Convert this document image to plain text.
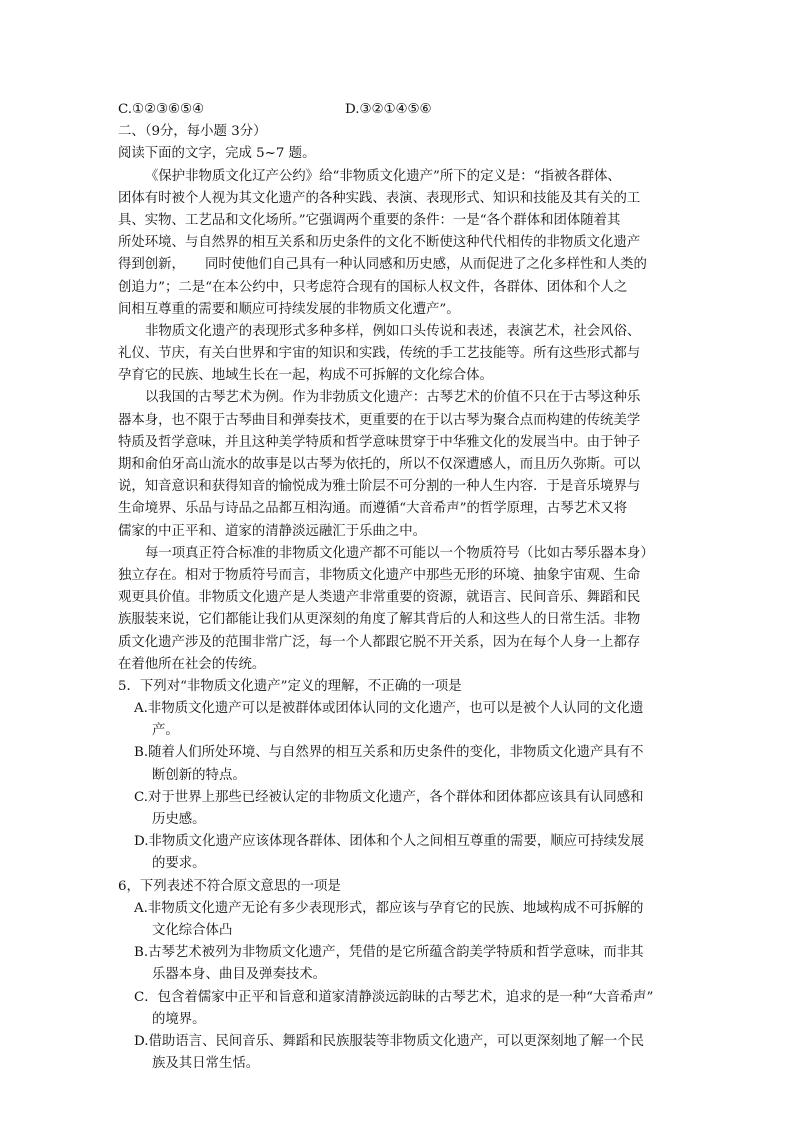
C.①②③⑥⑤④	D.③②①④⑤⑥
二、（9分，每小题 3分）
阅读下面的文字，完成 5~7 题。
《保护非物质文化辽产公约》给“非物质文化遗产”所下的定义是：“指被各群体、
团体有时被个人视为其文化遗产的各种实践、表演、表现形式、知识和技能及其有关的工
具、实物、工艺品和文化场所。”它强调两个重要的条件：一是“各个群体和团体随着其
所处环境、与自然界的相互关系和历史条件的文化不断使这种代代相传的非物质文化遗产
得到创新，　　同时使他们自己具有一种认同感和历史感，从而促进了之化多样性和人类的
创追力”；二是“在本公约中，只考虑符合现有的国标人权文件，各群体、团体和个人之
间相互尊重的需要和顺应可持续发展的非物质文化遭产”。
非物质文化遗产的表现形式多种多样，例如口头传说和表述，表演艺术，社会风俗、
礼仪、节庆，有关白世界和宇宙的知识和实践，传统的手工艺技能等。所有这些形式都与
孕育它的民族、地域生长在一起，构成不可拆解的文化综合体。
以我国的古琴艺术为例。作为非勃质文化遗产：古琴艺术的价值不只在于古琴这种乐
器本身，也不限于古琴曲目和弹奏技术，更重要的在于以古琴为聚合点而构建的传统美学
特质及哲学意味，并且这种美学特质和哲学意味贯穿于中华雅文化的发展当中。由于钟子
期和俞伯牙高山流水的故事是以古琴为依托的，所以不仅深遭感人，而且历久弥斯。可以
说，知音意识和获得知音的愉悦成为雅士阶层不可分割的一种人生内容．于是音乐境界与
生命境界、乐品与诗品之品都互相沟通。而遵循“大音希声”的哲学原理，古琴艺术又将
儒家的中正平和、道家的清静淡远融汇于乐曲之中。
每一项真正符合标准的非物质文化遗产都不可能以一个物质符号（比如古琴乐器本身）
独立存在。相对于物质符号而言，非物质文化遗产中那些无形的环境、抽象宇宙观、生命
观更具价值。非物质文化遗产是人类遗产非常重要的资源，就语言、民间音乐、舞蹈和民
族服装来说，它们都能让我们从更深刻的角度了解其背后的人和这些人的日常生活。非物
质文化遗产涉及的范围非常广泛，每一个人都跟它脱不开关系，因为在每个人身一上都存
在着他所在社会的传统。
5．下列对“非物质文化遗产”定义的理解，不正确的一项是
A.非物质文化遗产可以是被群体或团体认同的文化遗产，也可以是被个人认同的文化遗
产。
B.随着人们所处环境、与自然界的相互关系和历史条件的变化，非物质文化遗产具有不
断创新的特点。
C.对于世界上那些已经被认定的非物质文化遗产，各个群体和团体都应该具有认同感和
历史感。
D.非物质文化遗产应该体现各群体、团体和个人之间相互尊重的需要，顺应可持续发展
的要求。
6，下列表述不符合原文意思的一项是
A.非物质文化遗产无论有多少表现形式，都应该与孕育它的民族、地域构成不可拆解的
文化综合体凸
B.古琴艺术被列为非物质文化遗产，凭借的是它所蕴含韵美学特质和哲学意味，而非其
乐器本身、曲目及弹奏技术。
C．包含着儒家中正平和旨意和道家清静淡远韵昧的古琴艺术，追求的是一种“大音希声”
的境界。
D.借助语言、民间音乐、舞蹈和民族服装等非物质文化遗产，可以更深刻地了解一个民
族及其日常生恬。
